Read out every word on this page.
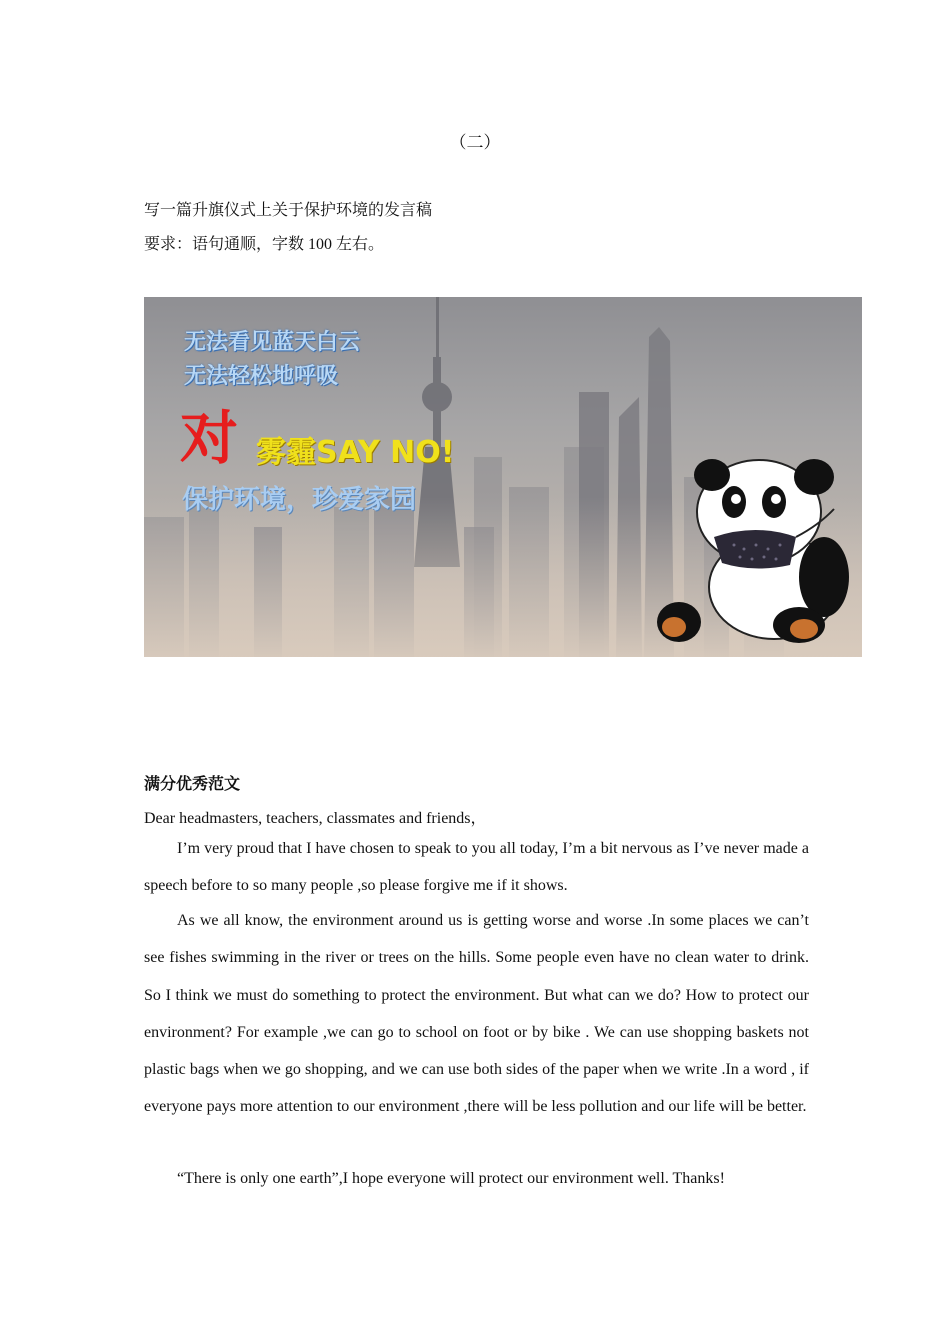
（二）
写一篇升旗仪式上关于保护环境的发言稿
要求：语句通顺，字数 100 左右。
无法看见蓝天白云
无法轻松地呼吸
对 雾霾SAY NO!
保护环境，珍爱家园
满分优秀范文
Dear headmasters, teachers, classmates and friends，
I’m very proud that I have chosen to speak to you all today, I’m a bit nervous as I’ve never made a speech before to so many people ,so please forgive me if it shows.
As we all know, the environment around us is getting worse and worse .In some places we can’t see fishes swimming in the river or trees on the hills. Some people even have no clean water to drink. So I think we must do something to protect the environment. But what can we do? How to protect our environment? For example ,we can go to school on foot or by bike . We can use shopping baskets not plastic bags when we go shopping, and we can use both sides of the paper when we write .In a word , if everyone pays more attention to our environment ,there will be less pollution and our life will be better.
“There is only one earth”,I hope everyone will protect our environment well. Thanks!
